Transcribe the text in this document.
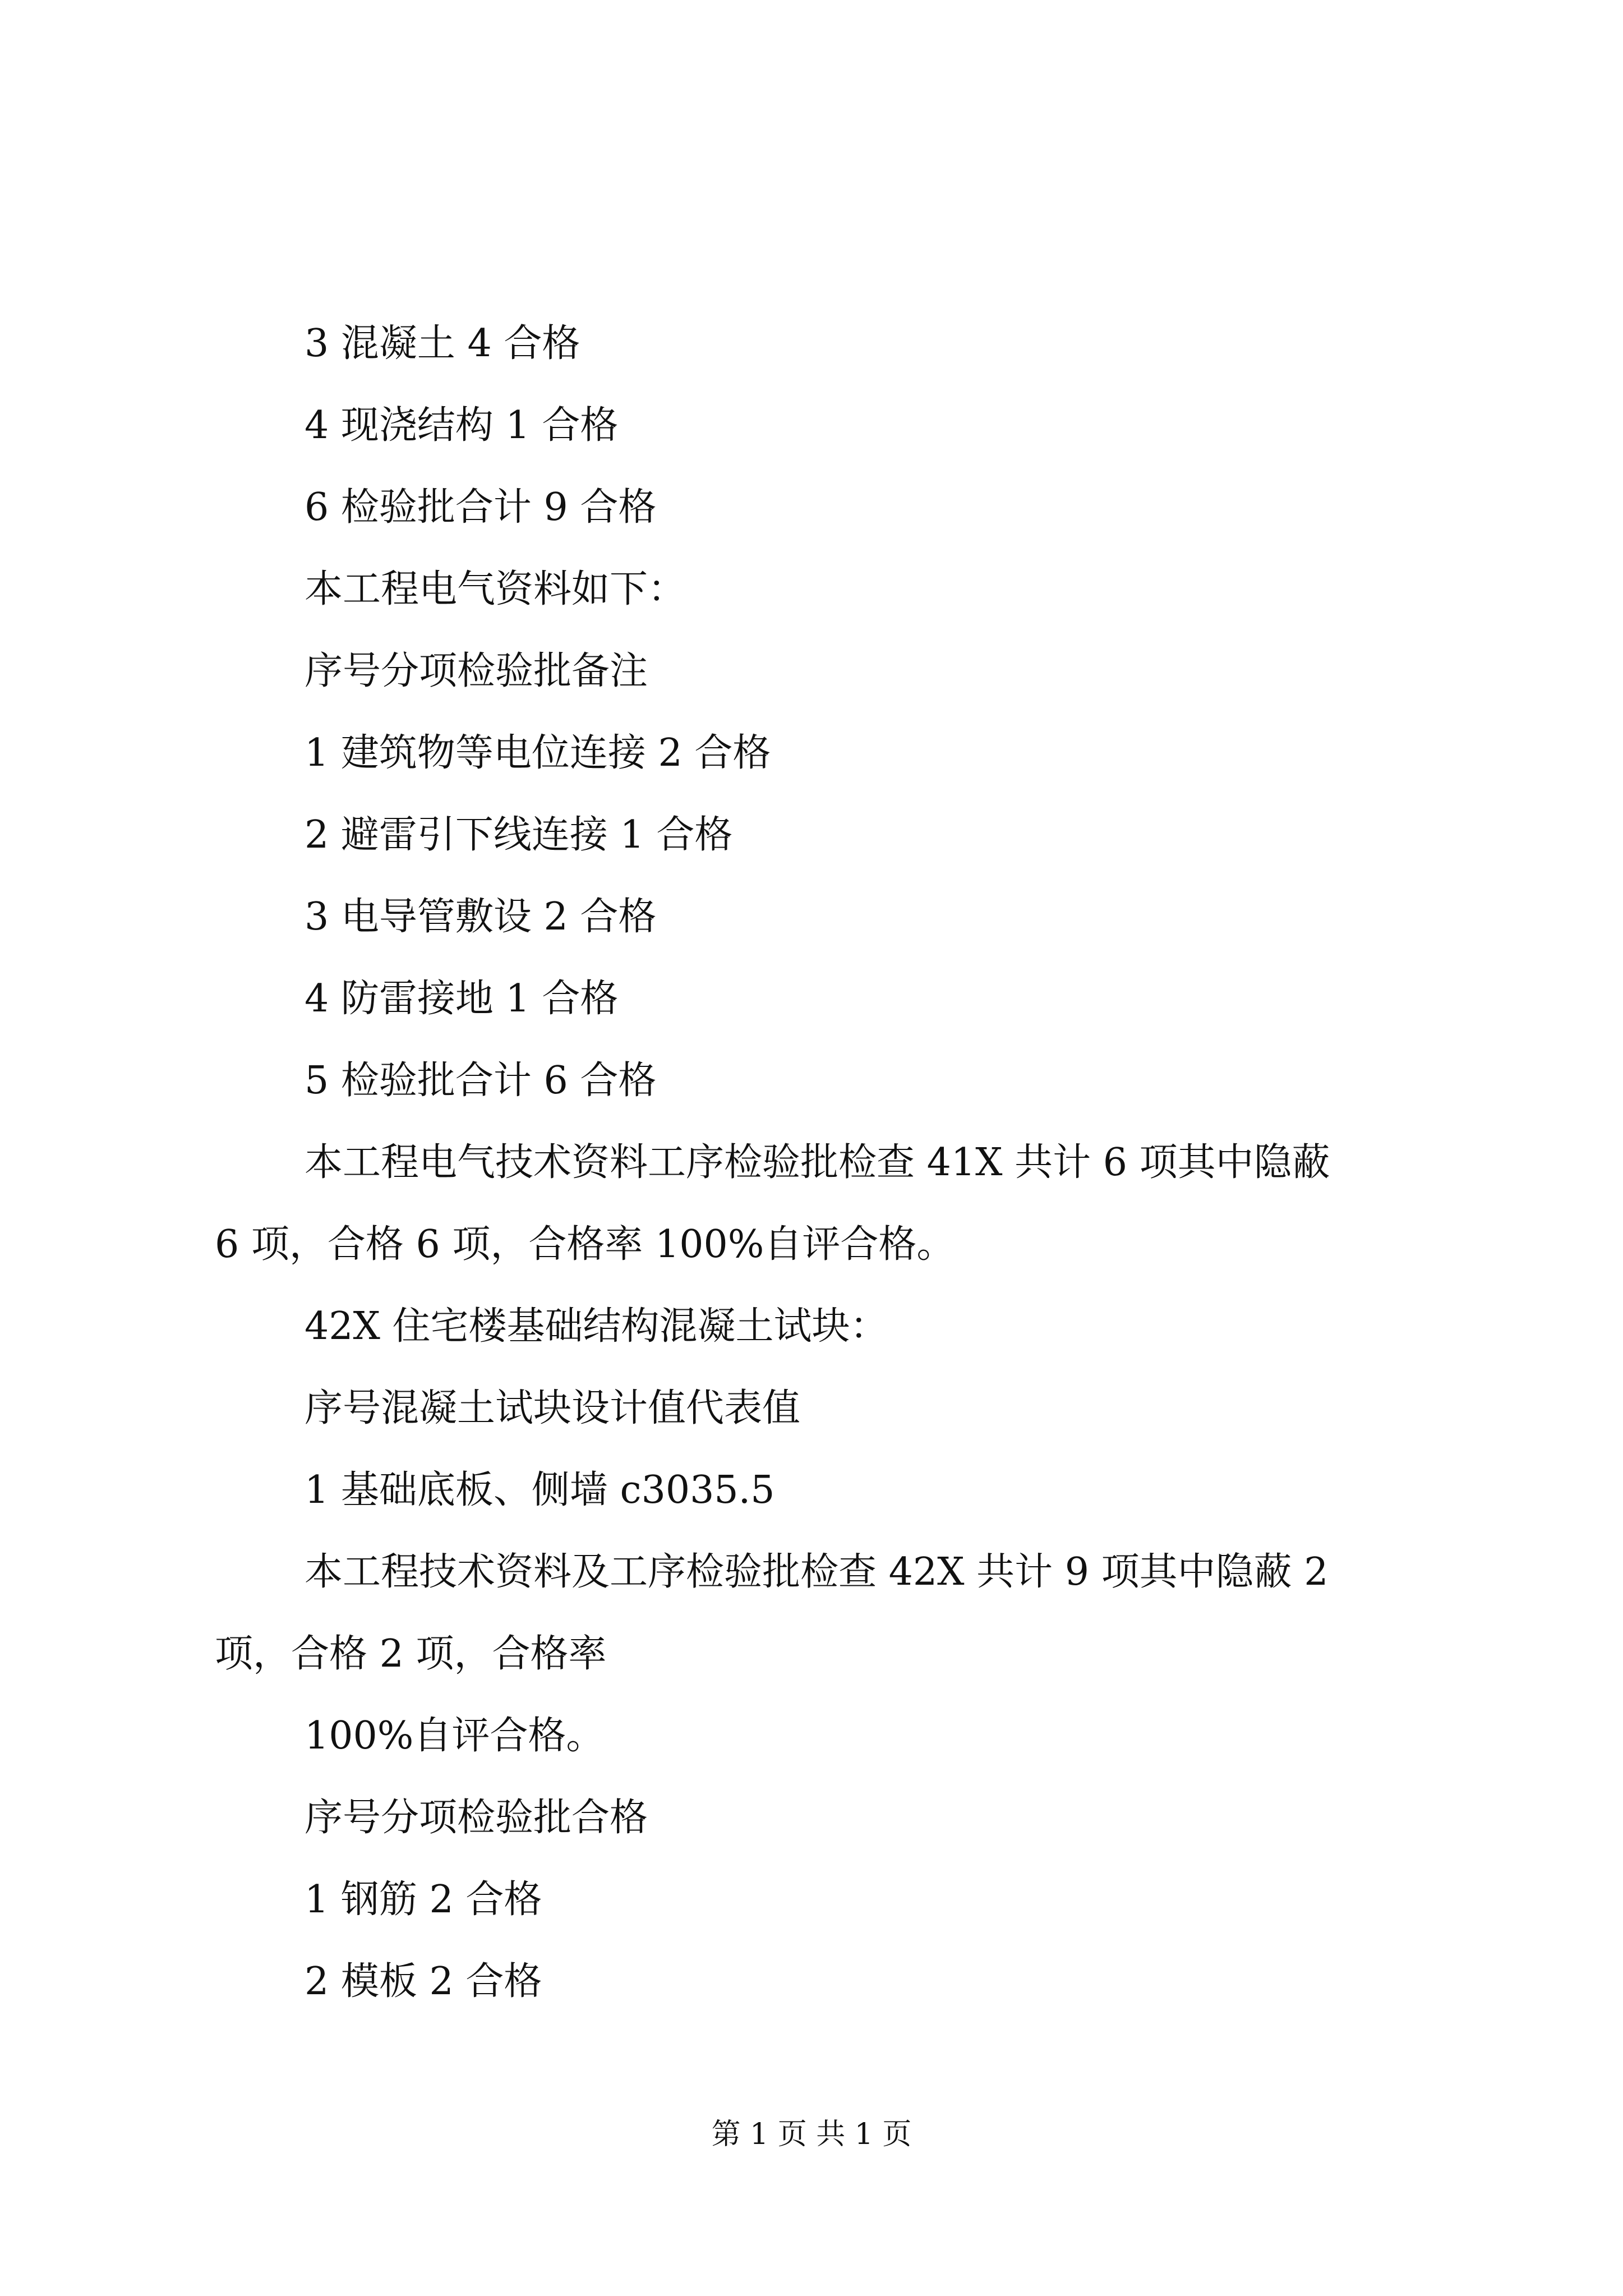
3 混凝土 4 合格

4 现浇结构 1 合格

6 检验批合计 9 合格

本工程电气资料如下：

序号分项检验批备注

1 建筑物等电位连接 2 合格

2 避雷引下线连接 1 合格

3 电导管敷设 2 合格

4 防雷接地 1 合格

5 检验批合计 6 合格

本工程电气技术资料工序检验批检查 41X 共计 6 项其中隐蔽

6 项，合格 6 项，合格率 100%自评合格。

42X 住宅楼基础结构混凝土试块：

序号混凝土试块设计值代表值

1 基础底板、侧墙 c3035.5

本工程技术资料及工序检验批检查 42X 共计 9 项其中隐蔽 2

项，合格 2 项，合格率

100%自评合格。

序号分项检验批合格

1 钢筋 2 合格

2 模板 2 合格

第 1 页 共 1 页
